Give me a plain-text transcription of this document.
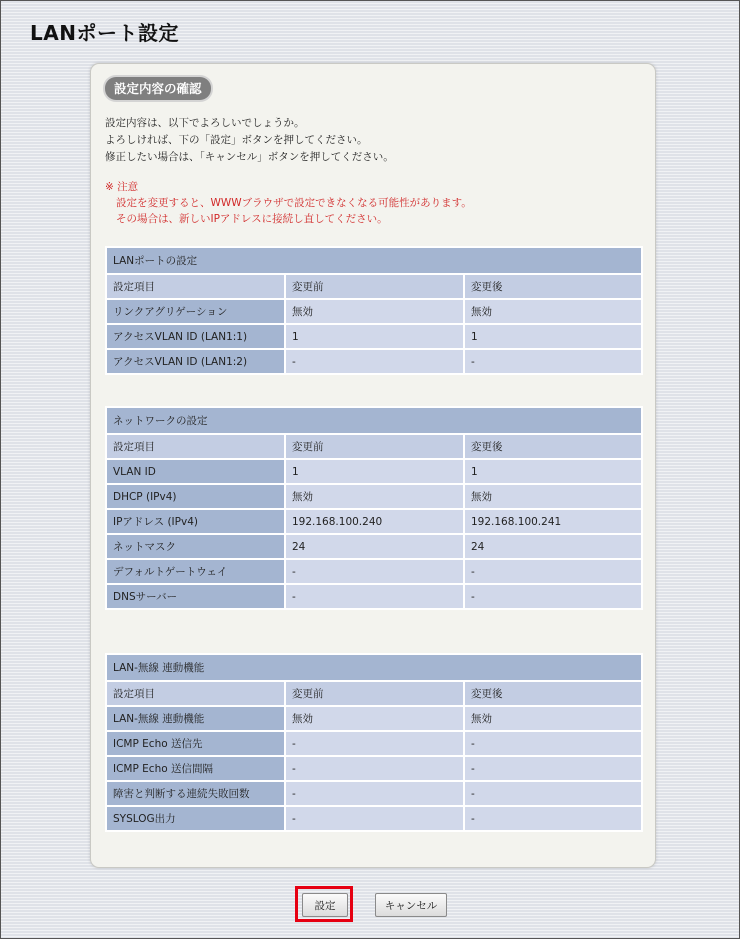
LANポート設定
設定内容の確認
設定内容は、以下でよろしいでしょうか。
よろしければ、下の「設定」ボタンを押してください。
修正したい場合は、「キャンセル」ボタンを押してください。
※ 注意
設定を変更すると、WWWブラウザで設定できなくなる可能性があります。
その場合は、新しいIPアドレスに接続し直してください。
LANポートの設定		
設定項目	変更前	変更後
リンクアグリゲーション	無効	無効
アクセスVLAN ID (LAN1:1)	1	1
アクセスVLAN ID (LAN1:2)	-	-
ネットワークの設定		
設定項目	変更前	変更後
VLAN ID	1	1
DHCP (IPv4)	無効	無効
IPアドレス (IPv4)	192.168.100.240	192.168.100.241
ネットマスク	24	24
デフォルトゲートウェイ	-	-
DNSサーバー	-	-
LAN-無線 連動機能		
設定項目	変更前	変更後
LAN-無線 連動機能	無効	無効
ICMP Echo 送信先	-	-
ICMP Echo 送信間隔	-	-
障害と判断する連続失敗回数	-	-
SYSLOG出力	-	-
設定	キャンセル
